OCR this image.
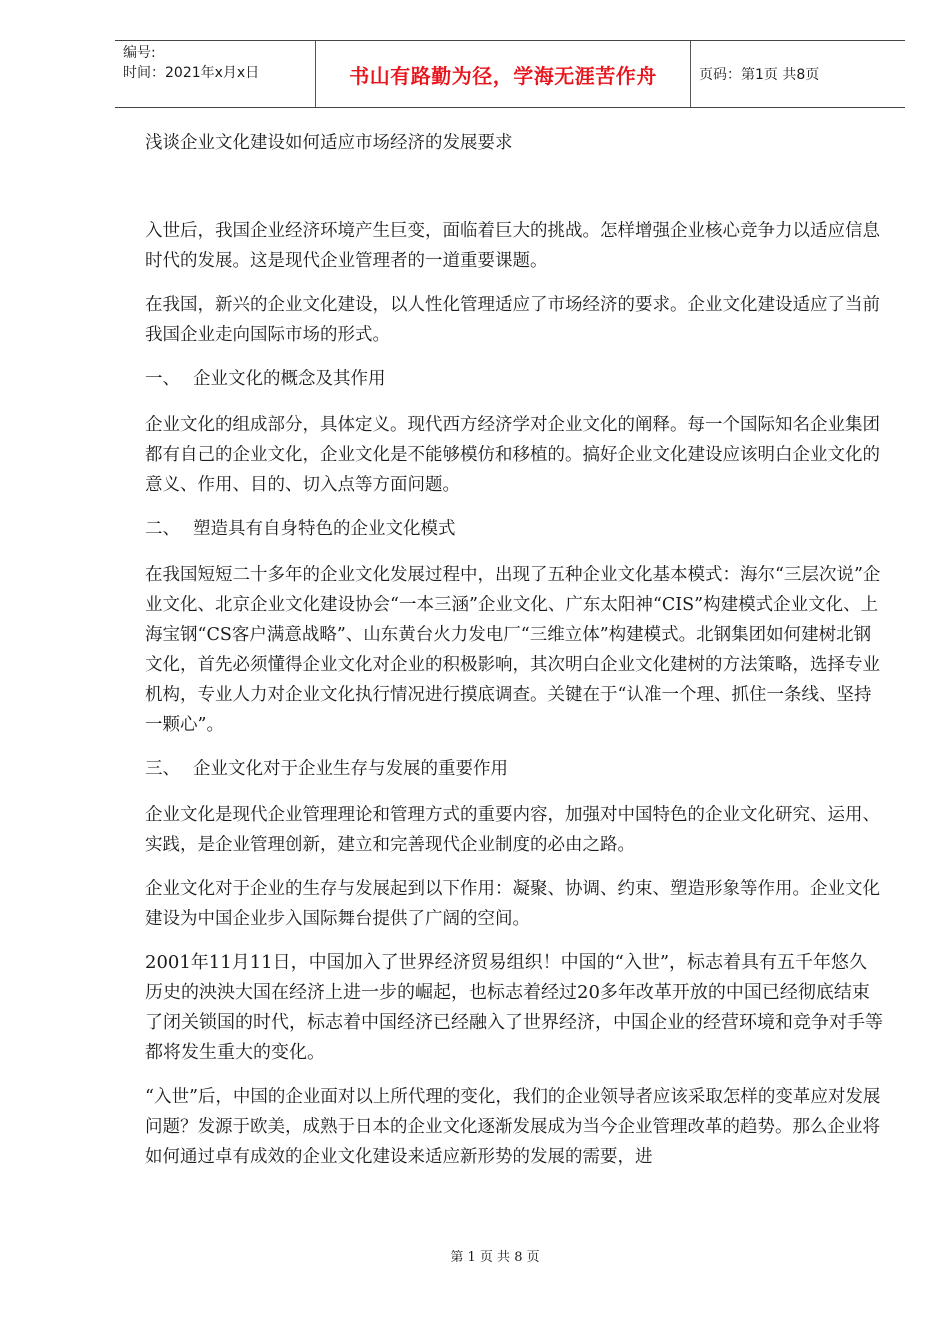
编号:
时间：2021年x月x日	书山有路勤为径，学海无涯苦作舟	页码：第1页 共8页
浅谈企业文化建设如何适应市场经济的发展要求

入世后，我国企业经济环境产生巨变，面临着巨大的挑战。怎样增强企业核心竞争力以适应信息时代的发展。这是现代企业管理者的一道重要课题。

在我国，新兴的企业文化建设，以人性化管理适应了市场经济的要求。企业文化建设适应了当前我国企业走向国际市场的形式。

一、 企业文化的概念及其作用

企业文化的组成部分，具体定义。现代西方经济学对企业文化的阐释。每一个国际知名企业集团都有自己的企业文化，企业文化是不能够模仿和移植的。搞好企业文化建设应该明白企业文化的意义、作用、目的、切入点等方面问题。

二、 塑造具有自身特色的企业文化模式

在我国短短二十多年的企业文化发展过程中，出现了五种企业文化基本模式：海尔“三层次说”企业文化、北京企业文化建设协会“一本三涵”企业文化、广东太阳神“CIS”构建模式企业文化、上海宝钢“CS客户满意战略”、山东黄台火力发电厂“三维立体”构建模式。北钢集团如何建树北钢文化，首先必须懂得企业文化对企业的积极影响，其次明白企业文化建树的方法策略，选择专业机构，专业人力对企业文化执行情况进行摸底调查。关键在于“认准一个理、抓住一条线、坚持一颗心”。

三、 企业文化对于企业生存与发展的重要作用

企业文化是现代企业管理理论和管理方式的重要内容，加强对中国特色的企业文化研究、运用、实践，是企业管理创新，建立和完善现代企业制度的必由之路。

企业文化对于企业的生存与发展起到以下作用：凝聚、协调、约束、塑造形象等作用。企业文化建设为中国企业步入国际舞台提供了广阔的空间。

2001年11月11日，中国加入了世界经济贸易组织！中国的“入世”，标志着具有五千年悠久历史的泱泱大国在经济上进一步的崛起，也标志着经过20多年改革开放的中国已经彻底结束了闭关锁国的时代，标志着中国经济已经融入了世界经济，中国企业的经营环境和竞争对手等都将发生重大的变化。

“入世”后，中国的企业面对以上所代理的变化，我们的企业领导者应该采取怎样的变革应对发展问题？发源于欧美，成熟于日本的企业文化逐渐发展成为当今企业管理改革的趋势。那么企业将如何通过卓有成效的企业文化建设来适应新形势的发展的需要，进

第 1 页 共 8 页
